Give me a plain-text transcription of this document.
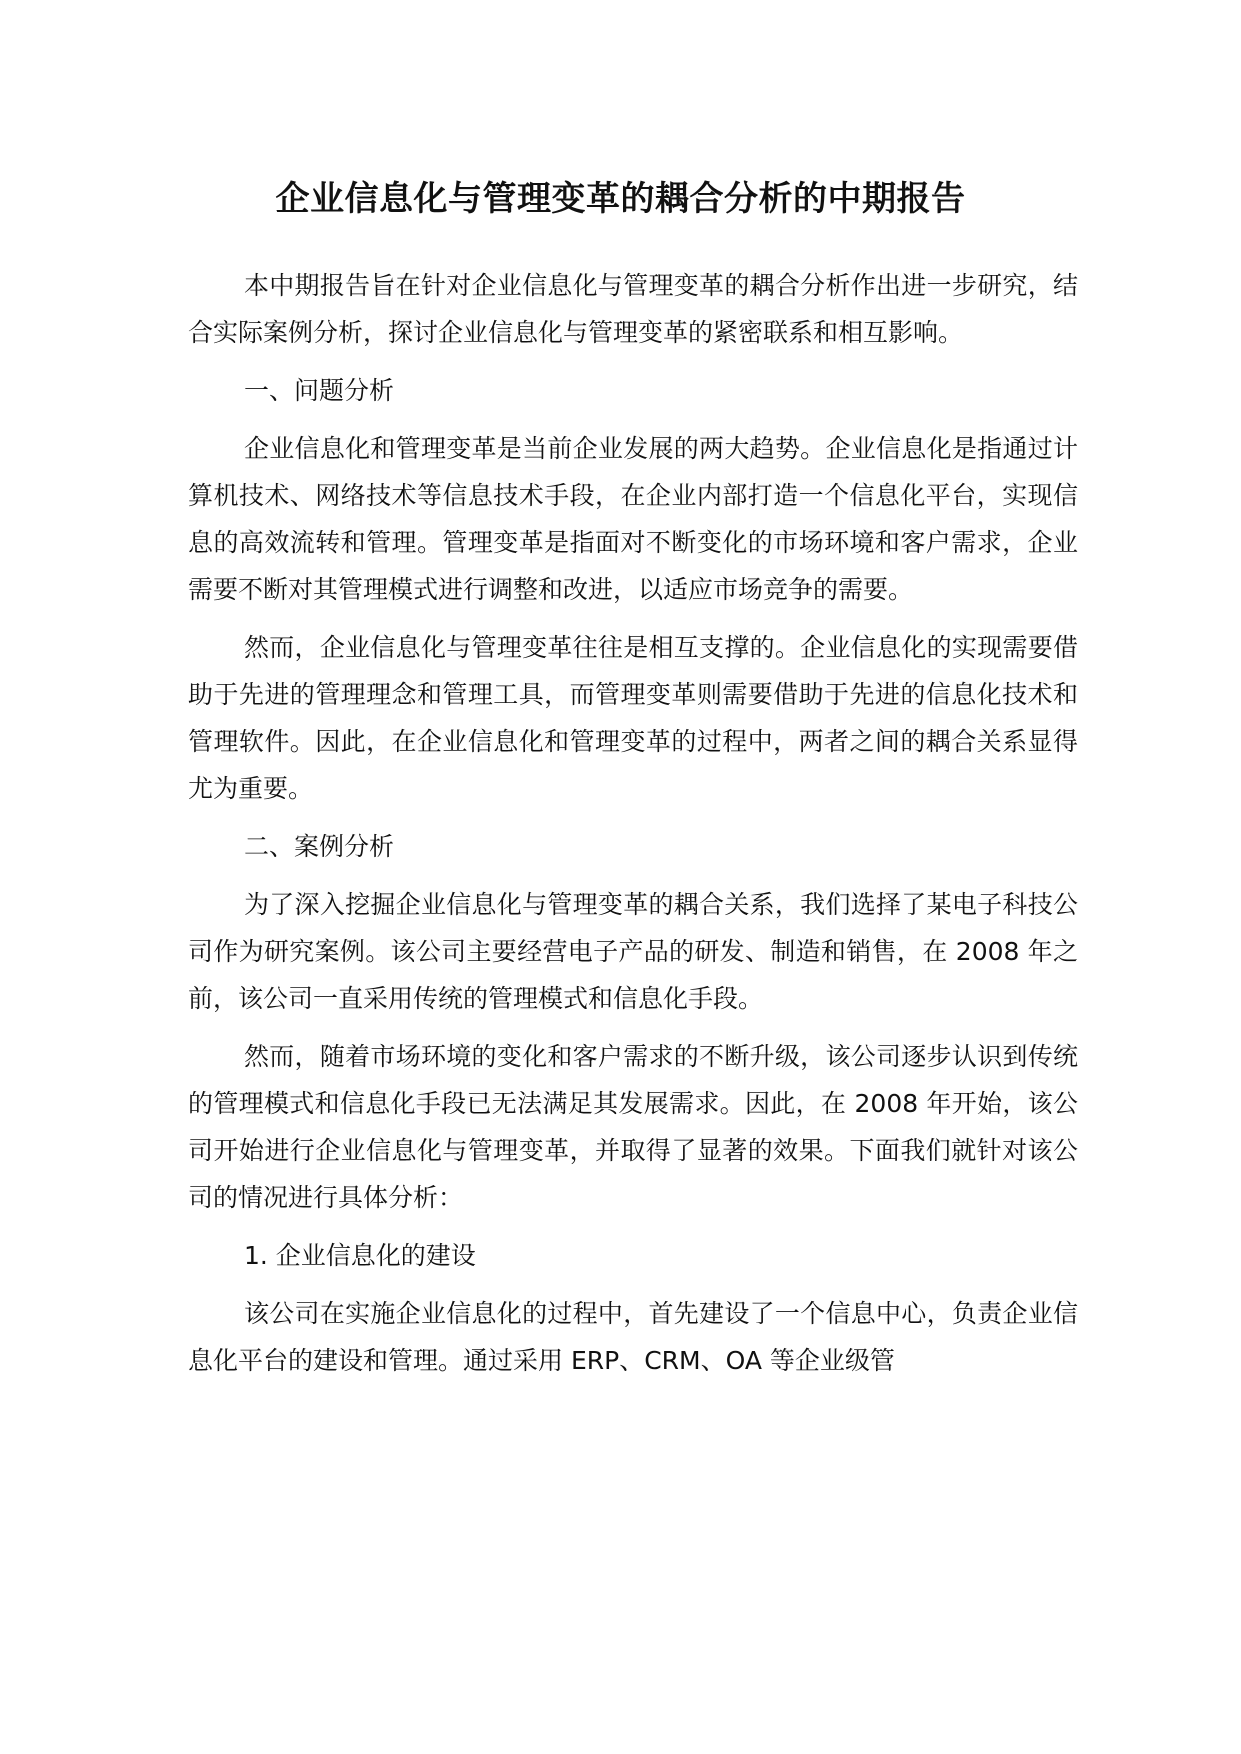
企业信息化与管理变革的耦合分析的中期报告

本中期报告旨在针对企业信息化与管理变革的耦合分析作出进一步研究，结合实际案例分析，探讨企业信息化与管理变革的紧密联系和相互影响。

一、问题分析

企业信息化和管理变革是当前企业发展的两大趋势。企业信息化是指通过计算机技术、网络技术等信息技术手段，在企业内部打造一个信息化平台，实现信息的高效流转和管理。管理变革是指面对不断变化的市场环境和客户需求，企业需要不断对其管理模式进行调整和改进，以适应市场竞争的需要。

然而，企业信息化与管理变革往往是相互支撑的。企业信息化的实现需要借助于先进的管理理念和管理工具，而管理变革则需要借助于先进的信息化技术和管理软件。因此，在企业信息化和管理变革的过程中，两者之间的耦合关系显得尤为重要。

二、案例分析

为了深入挖掘企业信息化与管理变革的耦合关系，我们选择了某电子科技公司作为研究案例。该公司主要经营电子产品的研发、制造和销售，在 2008 年之前，该公司一直采用传统的管理模式和信息化手段。

然而，随着市场环境的变化和客户需求的不断升级，该公司逐步认识到传统的管理模式和信息化手段已无法满足其发展需求。因此，在 2008 年开始，该公司开始进行企业信息化与管理变革，并取得了显著的效果。下面我们就针对该公司的情况进行具体分析：

1. 企业信息化的建设

该公司在实施企业信息化的过程中，首先建设了一个信息中心，负责企业信息化平台的建设和管理。通过采用 ERP、CRM、OA 等企业级管
